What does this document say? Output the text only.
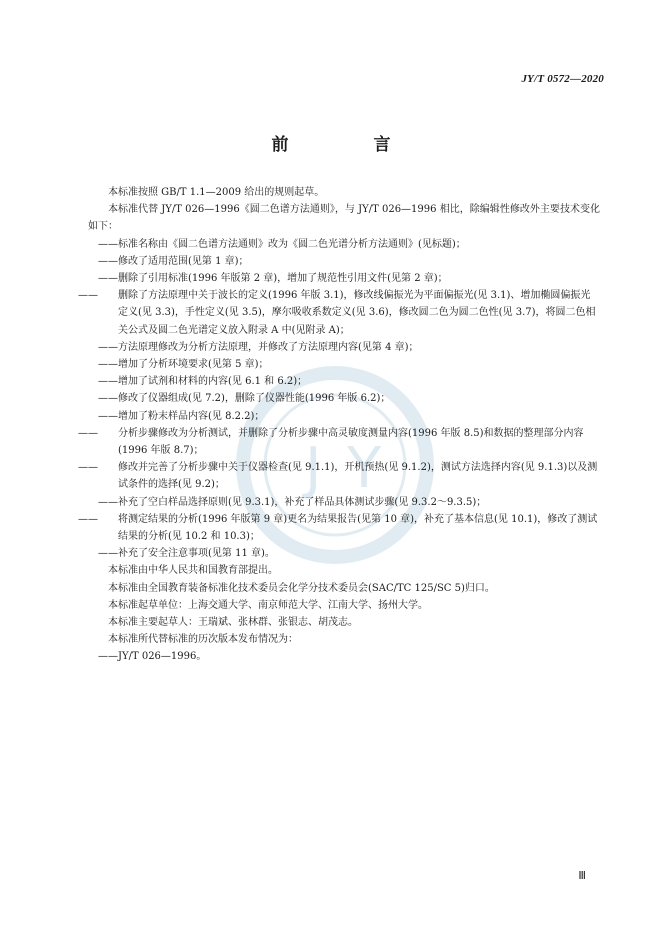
JY/T 0572—2020
前　言
J Y

本标准按照 GB/T 1.1—2009 给出的规则起草。

本标准代替 JY/T 026—1996《圆二色谱方法通则》，与 JY/T 026—1996 相比，除编辑性修改外主要技术变化如下：

——标准名称由《圆二色谱方法通则》改为《圆二色光谱分析方法通则》(见标题)；

——修改了适用范围(见第 1 章)；

——删除了引用标准(1996 年版第 2 章)，增加了规范性引用文件(见第 2 章)；

—— 删除了方法原理中关于波长的定义(1996 年版 3.1)，修改线偏振光为平面偏振光(见 3.1)、增加椭圆偏振光定义(见 3.3)，手性定义(见 3.5)，摩尔吸收系数定义(见 3.6)，修改圆二色为圆二色性(见 3.7)，将圆二色相关公式及圆二色光谱定义放入附录 A 中(见附录 A)；

——方法原理修改为分析方法原理，并修改了方法原理内容(见第 4 章)；

——增加了分析环境要求(见第 5 章)；

——增加了试剂和材料的内容(见 6.1 和 6.2)；

——修改了仪器组成(见 7.2)，删除了仪器性能(1996 年版 6.2)；

——增加了粉末样品内容(见 8.2.2)；

—— 分析步骤修改为分析测试，并删除了分析步骤中高灵敏度测量内容(1996 年版 8.5)和数据的整理部分内容(1996 年版 8.7)；

—— 修改并完善了分析步骤中关于仪器检查(见 9.1.1)，开机预热(见 9.1.2)，测试方法选择内容(见 9.1.3)以及测试条件的选择(见 9.2)；

——补充了空白样品选择原则(见 9.3.1)，补充了样品具体测试步骤(见 9.3.2～9.3.5)；

—— 将测定结果的分析(1996 年版第 9 章)更名为结果报告(见第 10 章)，补充了基本信息(见 10.1)，修改了测试结果的分析(见 10.2 和 10.3)；

——补充了安全注意事项(见第 11 章)。

本标准由中华人民共和国教育部提出。

本标准由全国教育装备标准化技术委员会化学分技术委员会(SAC/TC 125/SC 5)归口。

本标准起草单位：上海交通大学、南京师范大学、江南大学、扬州大学。

本标准主要起草人：王瑞斌、张林群、张银志、胡茂志。

本标准所代替标准的历次版本发布情况为：

——JY/T 026—1996。

Ⅲ
